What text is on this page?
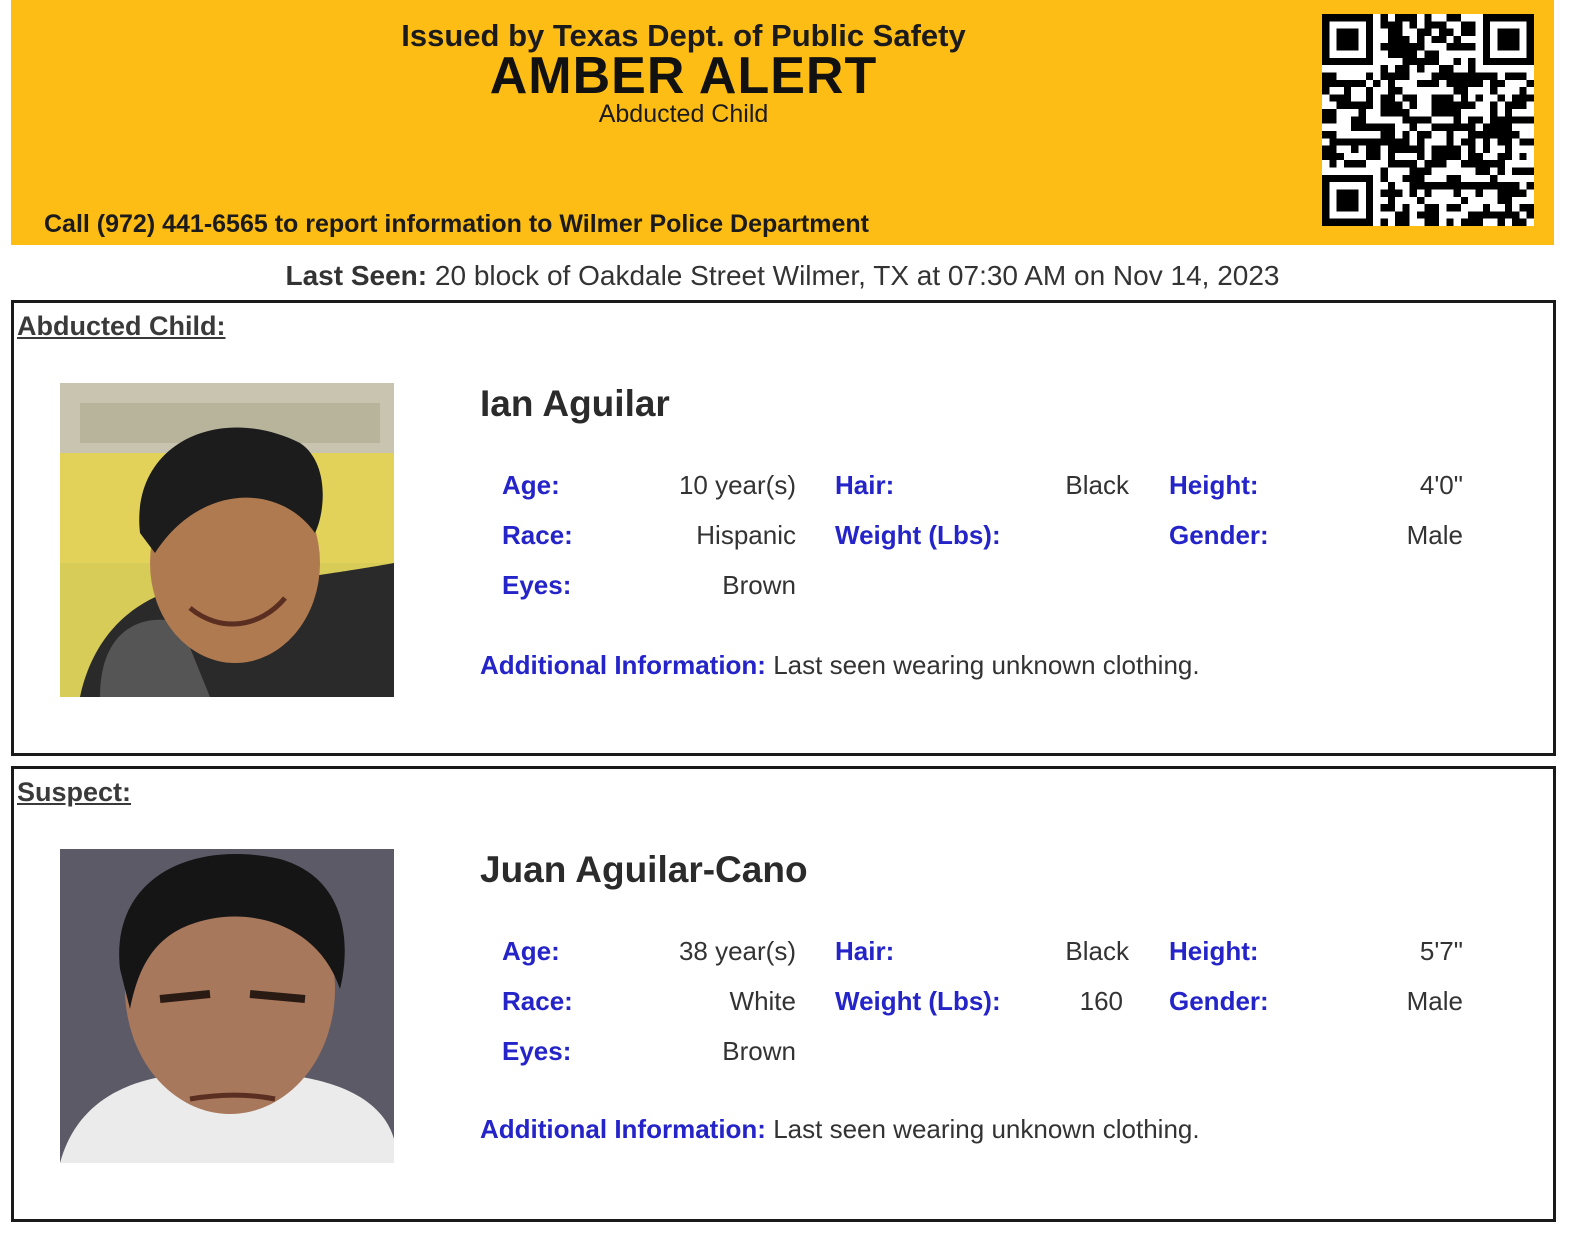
Issued by Texas Dept. of Public Safety
AMBER ALERT
Abducted Child
Call (972) 441-6565 to report information to Wilmer Police Department
Last Seen: 20 block of Oakdale Street Wilmer, TX at 07:30 AM on Nov 14, 2023
Abducted Child:
Ian Aguilar
Age:	10 year(s) Hair:	Black Height:	4'0"
Race:	Hispanic Weight (Lbs):	Gender:	Male
Eyes:	Brown
Additional Information: Last seen wearing unknown clothing.
Suspect:
Juan Aguilar-Cano
Age:	38 year(s) Hair:	Black Height:	5'7"
Race:	White Weight (Lbs):	160 Gender:	Male
Eyes:	Brown
Additional Information: Last seen wearing unknown clothing.
